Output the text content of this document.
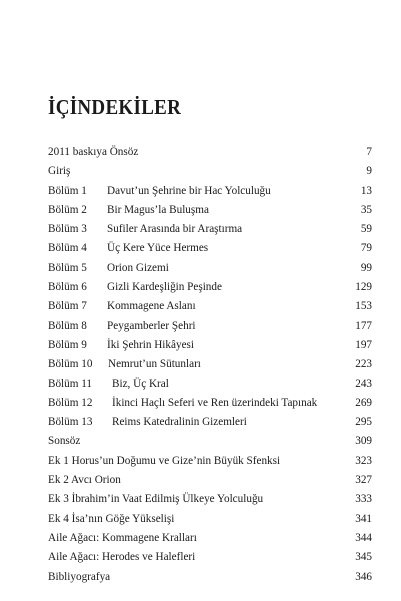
İÇİNDEKİLER
2011 baskıya Önsöz	7
Giriş	9
Bölüm 1 Davut’un Şehrine bir Hac Yolculuğu	13
Bölüm 2 Bir Magus’la Buluşma	35
Bölüm 3 Sufiler Arasında bir Araştırma	59
Bölüm 4 Üç Kere Yüce Hermes	79
Bölüm 5 Orion Gizemi	99
Bölüm 6 Gizli Kardeşliğin Peşinde	129
Bölüm 7 Kommagene Aslanı	153
Bölüm 8 Peygamberler Şehri	177
Bölüm 9 İki Şehrin Hikâyesi	197
Bölüm 10 Nemrut’un Sütunları	223
Bölüm 11 Biz, Üç Kral	243
Bölüm 12 İkinci Haçlı Seferi ve Ren üzerindeki Tapınak	269
Bölüm 13 Reims Katedralinin Gizemleri	295
Sonsöz	309
Ek 1 Horus’un Doğumu ve Gize’nin Büyük Sfenksi	323
Ek 2 Avcı Orion	327
Ek 3 İbrahim’in Vaat Edilmiş Ülkeye Yolculuğu	333
Ek 4 İsa’nın Göğe Yükselişi	341
Aile Ağacı: Kommagene Kralları	344
Aile Ağacı: Herodes ve Halefleri	345
Bibliyografya	346
